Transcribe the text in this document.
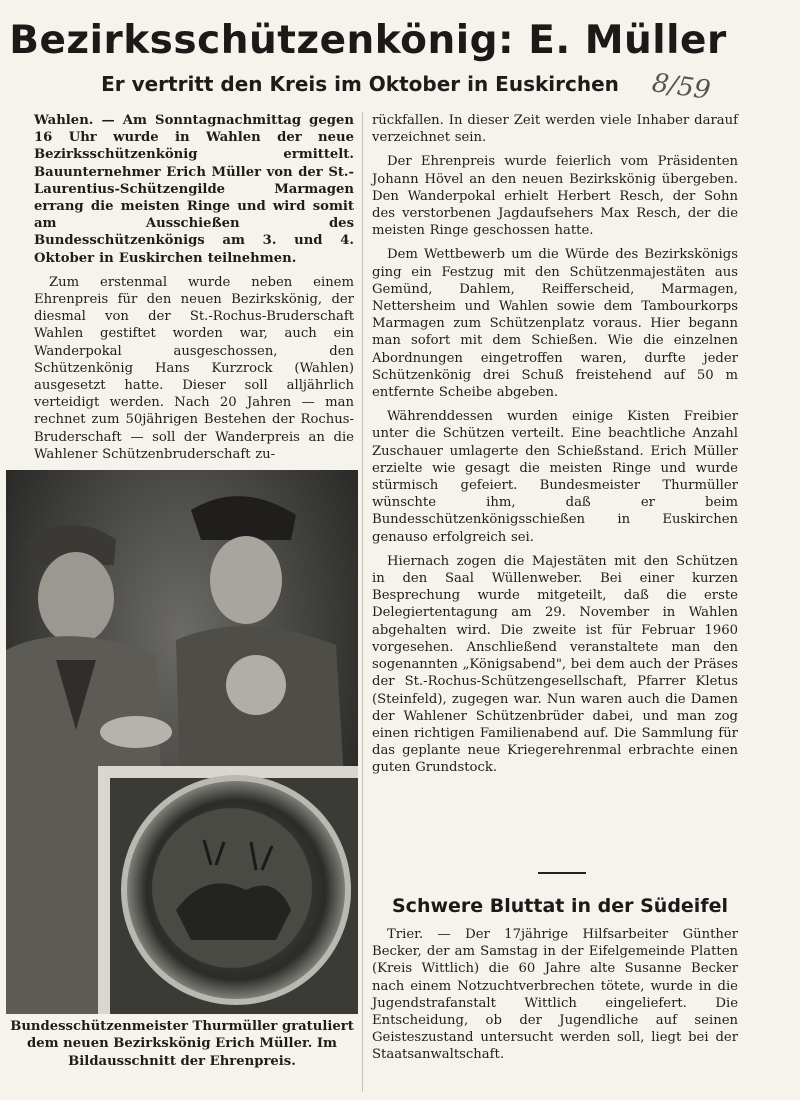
Bezirksschützenkönig: E. Müller
Er vertritt den Kreis im Oktober in Euskirchen	8/59

Wahlen. — Am Sonntagnachmittag gegen 16 Uhr wurde in Wahlen der neue Bezirksschützenkönig ermittelt. Bauunternehmer Erich Müller von der St.-Laurentius-Schützengilde Marmagen errang die meisten Ringe und wird somit am Ausschießen des Bundesschützenkönigs am 3. und 4. Oktober in Euskirchen teilnehmen.

Zum erstenmal wurde neben einem Ehrenpreis für den neuen Bezirkskönig, der diesmal von der St.-Rochus-Bruderschaft Wahlen gestiftet worden war, auch ein Wanderpokal ausgeschossen, den Schützenkönig Hans Kurzrock (Wahlen) ausgesetzt hatte. Dieser soll alljährlich verteidigt werden. Nach 20 Jahren — man rechnet zum 50jährigen Bestehen der Rochus-Bruderschaft — soll der Wanderpreis an die Wahlener Schützenbruderschaft zu-

Bundesschützenmeister Thurmüller gratuliert dem neuen Bezirkskönig Erich Müller. Im Bildausschnitt der Ehrenpreis.

rückfallen. In dieser Zeit werden viele Inhaber darauf verzeichnet sein.

Der Ehrenpreis wurde feierlich vom Präsidenten Johann Hövel an den neuen Bezirkskönig übergeben. Den Wanderpokal erhielt Herbert Resch, der Sohn des verstorbenen Jagdaufsehers Max Resch, der die meisten Ringe geschossen hatte.

Dem Wettbewerb um die Würde des Bezirkskönigs ging ein Festzug mit den Schützenmajestäten aus Gemünd, Dahlem, Reifferscheid, Marmagen, Nettersheim und Wahlen sowie dem Tambourkorps Marmagen zum Schützenplatz voraus. Hier begann man sofort mit dem Schießen. Wie die einzelnen Abordnungen eingetroffen waren, durfte jeder Schützenkönig drei Schuß freistehend auf 50 m entfernte Scheibe abgeben.

Währenddessen wurden einige Kisten Freibier unter die Schützen verteilt. Eine beachtliche Anzahl Zuschauer umlagerte den Schießstand. Erich Müller erzielte wie gesagt die meisten Ringe und wurde stürmisch gefeiert. Bundesmeister Thurmüller wünschte ihm, daß er beim Bundesschützenkönigsschießen in Euskirchen genauso erfolgreich sei.

Hiernach zogen die Majestäten mit den Schützen in den Saal Wüllenweber. Bei einer kurzen Besprechung wurde mitgeteilt, daß die erste Delegiertentagung am 29. November in Wahlen abgehalten wird. Die zweite ist für Februar 1960 vorgesehen. Anschließend veranstaltete man den sogenannten „Königsabend", bei dem auch der Präses der St.-Rochus-Schützengesellschaft, Pfarrer Kletus (Steinfeld), zugegen war. Nun waren auch die Damen der Wahlener Schützenbrüder dabei, und man zog einen richtigen Familienabend auf. Die Sammlung für das geplante neue Kriegerehrenmal erbrachte einen guten Grundstock.

Schwere Bluttat in der Südeifel

Trier. — Der 17jährige Hilfsarbeiter Günther Becker, der am Samstag in der Eifelgemeinde Platten (Kreis Wittlich) die 60 Jahre alte Susanne Becker nach einem Notzuchtverbrechen tötete, wurde in die Jugendstrafanstalt Wittlich eingeliefert. Die Entscheidung, ob der Jugendliche auf seinen Geisteszustand untersucht werden soll, liegt bei der Staatsanwaltschaft.
